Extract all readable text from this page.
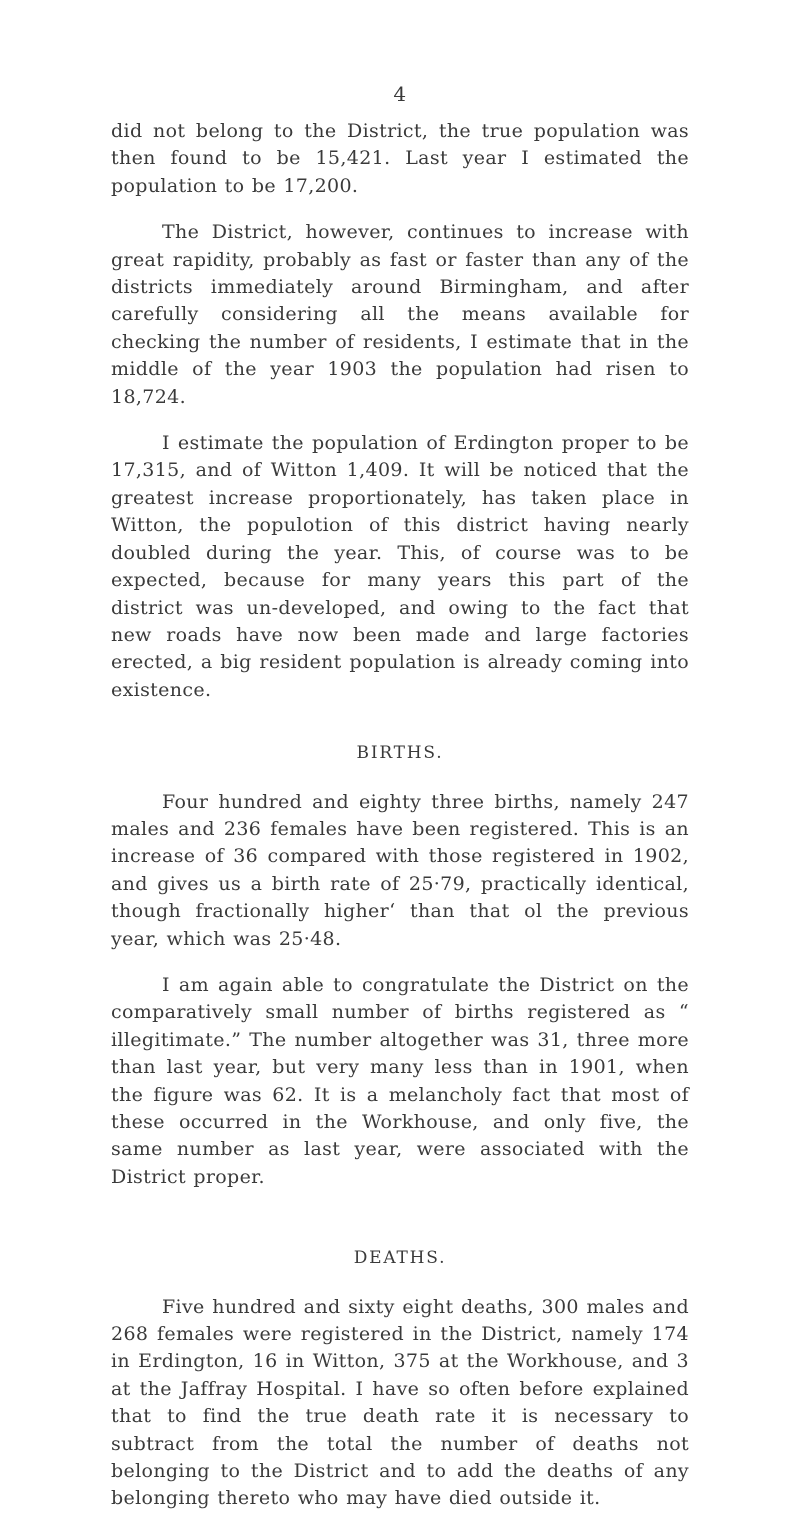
4

did not belong to the District, the true population was then found to be 15,421. Last year I estimated the population to be 17,200.

The District, however, continues to increase with great rapidity, probably as fast or faster than any of the districts immediately around Birmingham, and after carefully considering all the means available for checking the number of residents, I estimate that in the middle of the year 1903 the population had risen to 18,724.

I estimate the population of Erdington proper to be 17,315, and of Witton 1,409. It will be noticed that the greatest increase proportionately, has taken place in Witton, the populotion of this district having nearly doubled during the year. This, of course was to be expected, because for many years this part of the district was un-developed, and owing to the fact that new roads have now been made and large factories erected, a big resident population is already coming into existence.

BIRTHS.

Four hundred and eighty three births, namely 247 males and 236 females have been registered. This is an increase of 36 compared with those registered in 1902, and gives us a birth rate of 25·79, practically identical, though fractionally higher‘ than that ol the previous year, which was 25·48.

I am again able to congratulate the District on the comparatively small number of births registered as “ illegitimate.” The number altogether was 31, three more than last year, but very many less than in 1901, when the figure was 62. It is a melancholy fact that most of these occurred in the Workhouse, and only five, the same number as last year, were associated with the District proper.

DEATHS.

Five hundred and sixty eight deaths, 300 males and 268 females were registered in the District, namely 174 in Erdington, 16 in Witton, 375 at the Workhouse, and 3 at the Jaffray Hospital. I have so often before explained that to find the true death rate it is necessary to subtract from the total the number of deaths not belonging to the District and to add the deaths of any belonging thereto who may have died outside it.
